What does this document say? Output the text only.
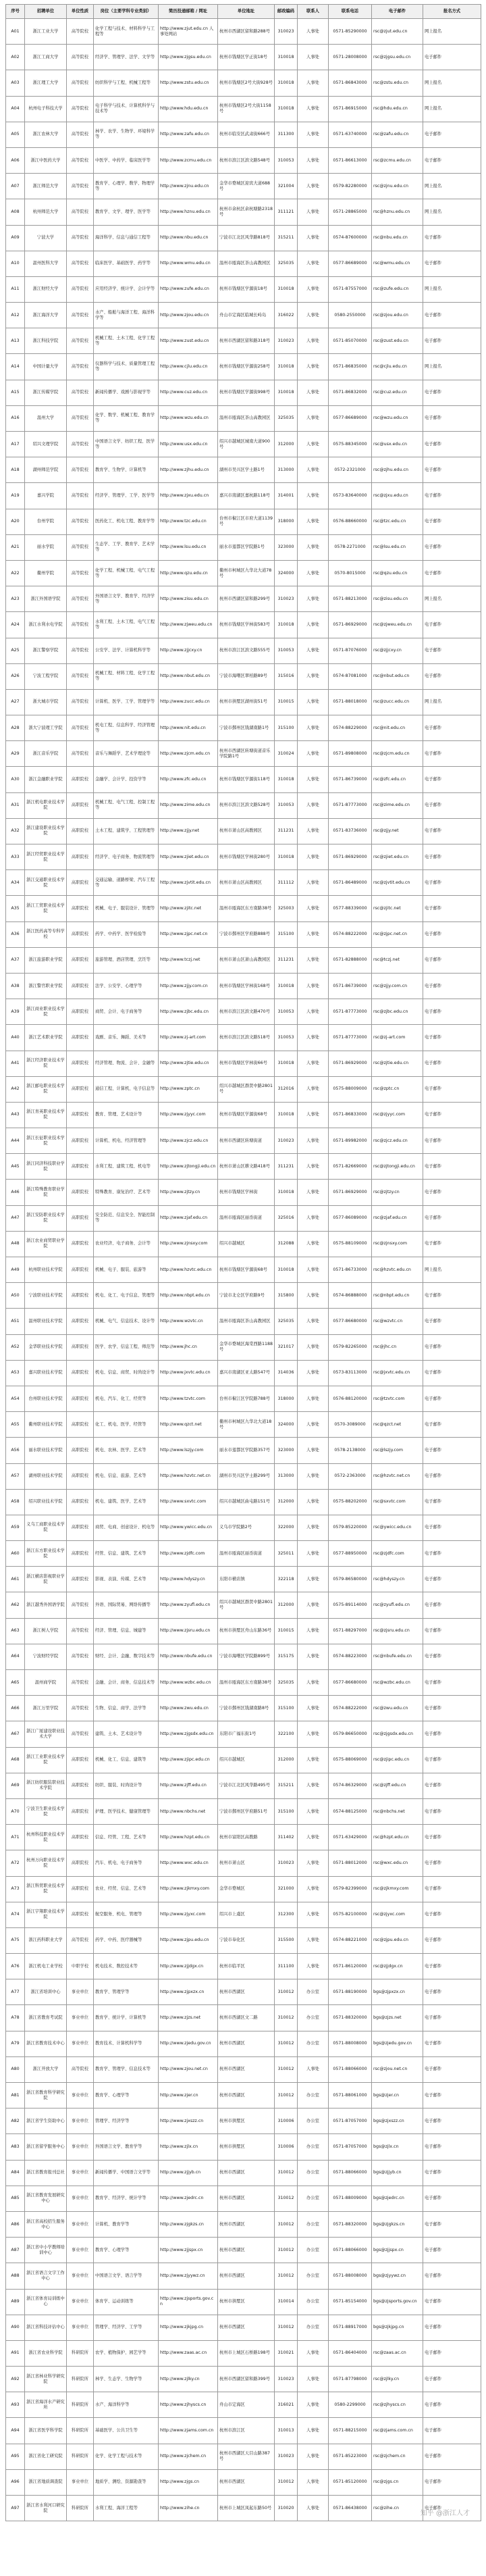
序号	招聘单位	单位性质	岗位（主要学科专业类别）	简历投递邮箱 / 网址	单位地址	邮政编码	联系人	联系电话	电子邮件	报名方式
A01	浙江工业大学	高等院校	化学工程与技术、材料科学与工程等	http://www.zjut.edu.cn 人事处网站	杭州市西湖区留和路288号	310023	人事处	0571-85290000	rsc@zjut.edu.cn	网上报名
A02	浙江工商大学	高等院校	经济学、管理学、法学、文学等	http://www.zjgsu.edu.cn	杭州市钱塘区学正街18号	310018	人事处	0571-28008000	rsc@zjgsu.edu.cn	电子邮件
A03	浙江理工大学	高等院校	纺织科学与工程、机械工程等	http://www.zstu.edu.cn	杭州市钱塘区2号大街928号	310018	人事处	0571-86843000	rsc@zstu.edu.cn	网上报名
A04	杭州电子科技大学	高等院校	电子科学与技术、计算机科学与技术等	http://www.hdu.edu.cn	杭州市钱塘区2号大街1158号	310018	人事处	0571-86915000	rsc@hdu.edu.cn	网上报名
A05	浙江农林大学	高等院校	林学、农学、生物学、环境科学等	http://www.zafu.edu.cn	杭州市临安区武肃街666号	311300	人事处	0571-63740000	rsc@zafu.edu.cn	电子邮件
A06	浙江中医药大学	高等院校	中医学、中药学、临床医学等	http://www.zcmu.edu.cn	杭州市滨江区滨文路548号	310053	人事处	0571-86613000	rsc@zcmu.edu.cn	电子邮件
A07	浙江师范大学	高等院校	教育学、心理学、数学、物理学等	http://www.zjnu.edu.cn	金华市婺城区迎宾大道688号	321004	人事处	0579-82280000	rsc@zjnu.edu.cn	网上报名
A08	杭州师范大学	高等院校	教育学、文学、理学、医学等	http://www.hznu.edu.cn	杭州市余杭区余杭塘路2318号	311121	人事处	0571-28865000	rsc@hznu.edu.cn	网上报名
A09	宁波大学	高等院校	海洋科学、信息与通信工程等	http://www.nbu.edu.cn	宁波市江北区风华路818号	315211	人事处	0574-87600000	rsc@nbu.edu.cn	电子邮件
A10	温州医科大学	高等院校	临床医学、基础医学、药学等	http://www.wmu.edu.cn	温州市瓯海区茶山高教园区	325035	人事处	0577-86689000	rsc@wmu.edu.cn	电子邮件
A11	浙江财经大学	高等院校	应用经济学、统计学、会计学等	http://www.zufe.edu.cn	杭州市钱塘区学源街18号	310018	人事处	0571-87557000	rsc@zufe.edu.cn	网上报名
A12	浙江海洋大学	高等院校	水产、船舶与海洋工程、海洋科学等	http://www.zjou.edu.cn	舟山市定海区临城长峙岛	316022	人事处	0580-2550000	rsc@zjou.edu.cn	电子邮件
A13	浙江科技学院	高等院校	机械工程、土木工程、化学工程等	http://www.zust.edu.cn	杭州市西湖区留和路318号	310023	人事处	0571-85070000	rsc@zust.edu.cn	电子邮件
A14	中国计量大学	高等院校	仪器科学与技术、质量管理工程等	http://www.cjlu.edu.cn	杭州市钱塘区学源街258号	310018	人事处	0571-86835000	rsc@cjlu.edu.cn	网上报名
A15	浙江传媒学院	高等院校	新闻传播学、戏剧与影视学等	http://www.cuz.edu.cn	杭州市钱塘区学源街998号	310018	人事处	0571-86832000	rsc@cuz.edu.cn	电子邮件
A16	温州大学	高等院校	化学、数学、机械工程、教育学等	http://www.wzu.edu.cn	温州市瓯海区茶山高教园区	325035	人事处	0577-86689000	rsc@wzu.edu.cn	电子邮件
A17	绍兴文理学院	高等院校	中国语言文学、纺织工程、医学等	http://www.usx.edu.cn	绍兴市越城区城南大道900号	312000	人事处	0575-88345000	rsc@usx.edu.cn	电子邮件
A18	湖州师范学院	高等院校	教育学、生物学、计算机等	http://www.zjhu.edu.cn	湖州市吴兴区学士路1号	313000	人事处	0572-2321000	rsc@zjhu.edu.cn	电子邮件
A19	嘉兴学院	高等院校	经济学、管理学、工学、医学等	http://www.zjxu.edu.cn	嘉兴市南湖区嘉杭路118号	314001	人事处	0573-83640000	rsc@zjxu.edu.cn	电子邮件
A20	台州学院	高等院校	医药化工、机电工程、教育学等	http://www.tzc.edu.cn	台州市椒江区市府大道1139号	318000	人事处	0576-88660000	rsc@tzc.edu.cn	电子邮件
A21	丽水学院	高等院校	生态学、工学、教育学、艺术学等	http://www.lsu.edu.cn	丽水市莲都区学院路1号	323000	人事处	0578-2271000	rsc@lsu.edu.cn	电子邮件
A22	衢州学院	高等院校	化学工程、机械工程、电气工程等	http://www.qzu.edu.cn	衢州市柯城区九华北大道78号	324000	人事处	0570-8015000	rsc@qzu.edu.cn	电子邮件
A23	浙江外国语学院	高等院校	外国语言文学、教育学、经济学等	http://www.zisu.edu.cn	杭州市西湖区留和路299号	310023	人事处	0571-88213000	rsc@zisu.edu.cn	网上报名
A24	浙江水利水电学院	高等院校	水利工程、土木工程、电气工程等	http://www.zjweu.edu.cn	杭州市钱塘区学林街583号	310018	人事处	0571-86929000	rsc@zjweu.edu.cn	电子邮件
A25	浙江警察学院	高等院校	公安学、法学、计算机科学等	http://www.zjjcxy.cn	杭州市滨江区滨文路555号	310053	人事处	0571-87076000	rsc@zjjcxy.cn	电子邮件
A26	宁波工程学院	高等院校	机械工程、材料工程、化学工程等	http://www.nbut.edu.cn	宁波市海曙区翠柏路89号	315016	人事处	0574-87081000	rsc@nbut.edu.cn	电子邮件
A27	浙大城市学院	高等院校	计算机、医学、工学、管理学等	http://www.zucc.edu.cn	杭州市拱墅区湖州街51号	310015	人事处	0571-88018000	rsc@zucc.edu.cn	网上报名
A28	浙大宁波理工学院	高等院校	机电工程、信息科学、经济管理等	http://www.nit.edu.cn	宁波市鄞州区钱湖南路1号	315100	人事处	0574-88229000	rsc@nit.edu.cn	电子邮件
A29	浙江音乐学院	高等院校	音乐与舞蹈学、艺术学理论等	http://www.zjcm.edu.cn	杭州市西湖区转塘街道音乐学院路1号	310024	人事处	0571-89808000	rsc@zjcm.edu.cn	电子邮件
A30	浙江金融职业学院	高职院校	金融学、会计学、投资学等	http://www.zfc.edu.cn	杭州市钱塘区学源街118号	310018	人事处	0571-86739000	rsc@zfc.edu.cn	电子邮件
A31	浙江机电职业技术学院	高职院校	机械工程、电气工程、控制工程等	http://www.zime.edu.cn	杭州市滨江区滨文路528号	310053	人事处	0571-87773000	rsc@zime.edu.cn	电子邮件
A32	浙江建设职业技术学院	高职院校	土木工程、建筑学、工程管理等	http://www.zjjy.net	杭州市萧山区高教园区	311231	人事处	0571-83736000	rsc@zjjy.net	电子邮件
A33	浙江经贸职业技术学院	高职院校	经济学、电子商务、物流管理等	http://www.zjiet.edu.cn	杭州市钱塘区学林街280号	310018	人事处	0571-86929000	rsc@zjiet.edu.cn	电子邮件
A34	浙江交通职业技术学院	高职院校	交通运输、道路桥梁、汽车工程等	http://www.zjvtit.edu.cn	杭州市萧山区高教园区	311112	人事处	0571-86489000	rsc@zjvtit.edu.cn	电子邮件
A35	浙江工贸职业技术学院	高职院校	机械、电子、服装设计、管理等	http://www.zjitc.net	温州市瓯海区东方南路38号	325003	人事处	0577-88339000	rsc@zjitc.net	电子邮件
A36	浙江医药高等专科学校	高职院校	药学、中药学、医学检验等	http://www.zjpc.net.cn	宁波市鄞州区学府路888号	315100	人事处	0574-88222000	rsc@zjpc.net.cn	电子邮件
A37	浙江旅游职业学院	高职院校	旅游管理、酒店管理、烹饪等	http://www.tczj.net	杭州市萧山区萧山高教园区	311231	人事处	0571-82888000	rsc@tczj.net	电子邮件
A38	浙江警官职业学院	高职院校	法学、公安学、心理学等	http://www.zjjy.com.cn	杭州市钱塘区学林街168号	310018	人事处	0571-86739000	rsc@zjjy.com.cn	电子邮件
A39	浙江商业职业技术学院	高职院校	商贸、会计、电子商务等	http://www.zjbc.edu.cn	杭州市滨江区滨文路470号	310053	人事处	0571-87773000	rsc@zjbc.edu.cn	电子邮件
A40	浙江艺术职业学院	高职院校	戏剧、音乐、舞蹈、美术等	http://www.zj-art.com	杭州市滨江区滨文路518号	310053	人事处	0571-87773000	rsc@zj-art.com	电子邮件
A41	浙江经济职业技术学院	高职院校	经济管理、物流、会计、金融等	http://www.zjtie.edu.cn	杭州市钱塘区学林街66号	310018	人事处	0571-86929000	rsc@zjtie.edu.cn	电子邮件
A42	浙江邮电职业技术学院	高职院校	通信工程、计算机、电子信息等	http://www.zptc.cn	绍兴市越城区群贤中路2801号	312016	人事处	0575-88009000	rsc@zptc.cn	电子邮件
A43	浙江育英职业技术学院	高职院校	教育、管理、艺术设计等	http://www.zjyyc.com	杭州市钱塘区学源街68号	310018	人事处	0571-86833000	rsc@zjyyc.com	电子邮件
A44	浙江长征职业技术学院	高职院校	计算机、机电、经济管理等	http://www.zjcz.edu.cn	杭州市西湖区转塘街道	310023	人事处	0571-89982000	rsc@zjcz.edu.cn	电子邮件
A45	浙江同济科技职业学院	高职院校	水利工程、建筑工程、机电等	http://www.zjtongji.edu.cn	杭州市萧山区耕文路418号	311231	人事处	0571-82669000	rsc@zjtongji.edu.cn	电子邮件
A46	浙江特殊教育职业学院	高职院校	特殊教育、康复治疗、艺术等	http://www.zjtzy.cn	杭州市钱塘区学林街	310018	人事处	0571-86929000	rsc@zjtzy.cn	电子邮件
A47	浙江安防职业技术学院	高职院校	安全防范、信息安全、智能控制等	http://www.zjaf.edu.cn	温州市瓯海区丽岙街道	325016	人事处	0577-86089000	rsc@zjaf.edu.cn	电子邮件
A48	浙江农业商贸职业学院	高职院校	农业经济、电子商务、会计等	http://www.zjnsxy.com	绍兴市越城区	312088	人事处	0575-88109000	rsc@zjnsxy.com	电子邮件
A49	杭州职业技术学院	高职院校	机械、电子、服装、旅游等	http://www.hzvtc.edu.cn	杭州市钱塘区学源街68号	310018	人事处	0571-86733000	rsc@hzvtc.edu.cn	网上报名
A50	宁波职业技术学院	高职院校	机电、化工、电子信息、管理等	http://www.nbpt.edu.cn	宁波市北仑区学府路9号	315800	人事处	0574-86888000	rsc@nbpt.edu.cn	电子邮件
A51	温州职业技术学院	高职院校	机械、电气、信息技术、设计等	http://www.wzvtc.cn	温州市瓯海区茶山高教园区	325035	人事处	0577-86680000	rsc@wzvtc.cn	电子邮件
A52	金华职业技术学院	高职院校	医学、农学、信息工程、师范等	http://www.jhc.cn	金华市婺城区海棠西路1188号	321017	人事处	0579-82265000	rsc@jhc.cn	电子邮件
A53	嘉兴职业技术学院	高职院校	机电、信息、商贸、时尚设计等	http://www.jxvtc.edu.cn	嘉兴市南湖区亚太路547号	314036	人事处	0573-83113000	rsc@jxvtc.edu.cn	电子邮件
A54	台州职业技术学院	高职院校	机电、汽车、化工、经贸等	http://www.tzvtc.com	台州市椒江区学院路788号	318000	人事处	0576-88120000	rsc@tzvtc.com	电子邮件
A55	衢州职业技术学院	高职院校	化工、机电、医学、经管等	http://www.qzct.net	衢州市柯城区九华北大道18号	324000	人事处	0570-3089000	rsc@qzct.net	电子邮件
A56	丽水职业技术学院	高职院校	机电、农林、医学、艺术等	http://www.lszjy.com	丽水市莲都区学院路357号	323000	人事处	0578-2138000	rsc@lszjy.com	电子邮件
A57	湖州职业技术学院	高职院校	机电、信息、旅游、艺术等	http://www.hzvtc.net.cn	湖州市吴兴区学士路299号	313000	人事处	0572-2363000	rsc@hzvtc.net.cn	电子邮件
A58	绍兴职业技术学院	高职院校	机电、建筑、医学、艺术等	http://www.sxvtc.com	绍兴市越城区曲屯路151号	312000	人事处	0575-88202000	rsc@sxvtc.com	电子邮件
A59	义乌工商职业技术学院	高职院校	商贸、电商、创意设计、机电等	http://www.ywicc.edu.cn	义乌市学院路2号	322000	人事处	0579-85220000	rsc@ywicc.edu.cn	电子邮件
A60	浙江东方职业技术学院	高职院校	经管、信息、建筑、艺术等	http://www.zjdfc.com	温州市瓯海区丽岙街道	325011	人事处	0577-88950000	rsc@zjdfc.com	电子邮件
A61	浙江横店影视职业学院	高职院校	影视、表演、传媒、艺术等	http://www.hdyszy.cn	东阳市横店镇	322118	人事处	0579-86580000	rsc@hdyszy.cn	电子邮件
A62	浙江越秀外国语学院	高等院校	外语、国际贸易、网络传播等	http://www.zyufl.edu.cn	绍兴市越城区群贤中路2801号	312000	人事处	0575-89114000	rsc@zyufl.edu.cn	电子邮件
A63	浙江树人学院	高等院校	经济、管理、信息、城建等	http://www.zjsru.edu.cn	杭州市拱墅区舟山东路36号	310015	人事处	0571-88297000	rsc@zjsru.edu.cn	电子邮件
A64	宁波财经学院	高等院校	财经、会计、金融、数字技术等	http://www.nbufe.edu.cn	宁波市海曙区学院路899号	315175	人事处	0574-88223000	rsc@nbufe.edu.cn	电子邮件
A65	温州商学院	高等院校	金融、会计、商务、信息技术等	http://www.wzbc.edu.cn	温州市瓯海区东方南路38号	325035	人事处	0577-86680000	rsc@wzbc.edu.cn	电子邮件
A66	浙江万里学院	高等院校	生物、信息、商学、法学等	http://www.zwu.edu.cn	宁波市鄞州区钱湖南路8号	315100	人事处	0574-88222000	rsc@zwu.edu.cn	电子邮件
A67	浙江广厦建设职业技术大学	高等院校	建筑、土木、艺术设计等	http://www.zjgsdx.edu.cn	东阳市广福东街1号	322100	人事处	0579-86650000	rsc@zjgsdx.edu.cn	电子邮件
A68	浙江工业职业技术学院	高职院校	机械、化工、信息、建筑等	http://www.zjipc.edu.cn	绍兴市越城区	312000	人事处	0575-88069000	rsc@zjipc.edu.cn	电子邮件
A69	浙江纺织服装职业技术学院	高职院校	纺织、服装、时尚设计等	http://www.zjff.edu.cn	宁波市江北区风华路495号	315211	人事处	0574-86329000	rsc@zjff.edu.cn	电子邮件
A70	宁波卫生职业技术学院	高职院校	护理、医学技术、健康管理等	http://www.nbchs.net	宁波市鄞州区学府路51号	315100	人事处	0574-88125000	rsc@nbchs.net	电子邮件
A71	杭州科技职业技术学院	高职院校	信息、经管、工程、艺术等	http://www.hzpt.edu.cn	杭州市富阳区高教路	311402	人事处	0571-63429000	rsc@hzpt.edu.cn	电子邮件
A72	杭州万向职业技术学院	高职院校	汽车、机电、电子商务等	http://www.wxc.edu.cn	杭州市萧山区	310023	人事处	0571-88012000	rsc@wxc.edu.cn	电子邮件
A73	浙江科贸职业技术学院	高职院校	农业、经贸、信息、艺术等	http://www.zjkmxy.com	金华市婺城区	321000	人事处	0579-82399000	rsc@zjkmxy.com	电子邮件
A74	浙江宇翔职业技术学院	高职院校	航空服务、机电、管理等	http://www.zjyxc.com	绍兴市上虞区	312300	人事处	0575-82100000	rsc@zjyxc.com	电子邮件
A75	浙江药科职业大学	高等院校	药学、中药、医疗器械等	http://www.zjpu.edu.cn	宁波市奉化区	315500	人事处	0574-88221000	rsc@zjpu.edu.cn	电子邮件
A76	浙江机电工业学校	中职学校	机电技术、数控技术等	http://www.zjjdgx.cn	杭州市临平区	311100	人事处	0571-86120000	rsc@zjjdgx.cn	电子邮件
A77	浙江省培训中心	事业单位	教育学、管理学等	http://www.zjpxzx.cn	杭州市西湖区	310012	办公室	0571-88190000	bgs@zjpxzx.cn	电子邮件
A78	浙江省教育考试院	事业单位	教育学、统计学、计算机等	http://www.zjzs.net	杭州市西湖区文二路	310012	办公室	0571-88320000	bgs@zjzs.net	电子邮件
A79	浙江省教育技术中心	事业单位	教育技术、计算机科学等	http://www.zjedu.gov.cn	杭州市西湖区	310012	办公室	0571-88008000	bgs@zjedu.gov.cn	电子邮件
A80	浙江开放大学	高等院校	教育学、管理学、信息技术等	http://www.zjou.net.cn	杭州市西湖区	310012	人事处	0571-88066000	rsc@zjou.net.cn	电子邮件
A81	浙江省教育科学研究院	事业单位	教育学、心理学等	http://www.zjer.cn	杭州市西湖区	310012	办公室	0571-88061000	bgs@zjer.cn	电子邮件
A82	浙江省学生资助中心	事业单位	管理学、经济学等	http://www.zjxszz.cn	杭州市拱墅区	310006	办公室	0571-87057000	bgs@zjxszz.cn	电子邮件
A83	浙江省留学服务中心	事业单位	外国语言文学、教育学等	http://www.zjlx.cn	杭州市拱墅区	310006	办公室	0571-87057000	bgs@zjlx.cn	电子邮件
A84	浙江省教育报刊总社	事业单位	新闻传播学、中国语言文学等	http://www.zjjyb.cn	杭州市西湖区	310012	办公室	0571-88066000	bgs@zjjyb.cn	电子邮件
A85	浙江省教育发展研究中心	事业单位	教育学、经济学、统计学等	http://www.zjedrc.cn	杭州市西湖区	310012	办公室	0571-88009000	bgs@zjedrc.cn	电子邮件
A86	浙江省高校招生服务中心	事业单位	计算机、教育学等	http://www.zjgkzs.cn	杭州市西湖区	310012	办公室	0571-88320000	bgs@zjgkzs.cn	电子邮件
A87	浙江省中小学教师培训中心	事业单位	教育学、心理学等	http://www.zjjspx.cn	杭州市西湖区	310012	办公室	0571-88066000	bgs@zjjspx.cn	电子邮件
A88	浙江省语言文字工作中心	事业单位	中国语言文学、语言学等	http://www.zjyywz.cn	杭州市西湖区	310012	办公室	0571-88008000	bgs@zjyywz.cn	电子邮件
A89	浙江省体育局训练中心	事业单位	体育学、运动训练等	http://www.zjsports.gov.cn	杭州市拱墅区	310014	办公室	0571-85154000	bgs@zjsports.gov.cn	电子邮件
A90	浙江省科技评估中心	事业单位	管理学、经济学、工学等	http://www.zjkjpg.cn	杭州市西湖区	310012	办公室	0571-88917000	bgs@zjkjpg.cn	电子邮件
A91	浙江省农业科学院	科研院所	农学、植物保护、园艺学等	http://www.zaas.ac.cn	杭州市上城区石桥路198号	310021	人事处	0571-86404000	rsc@zaas.ac.cn	电子邮件
A92	浙江省林业科学研究院	科研院所	林学、生态学、生物学等	http://www.zjlky.cn	杭州市西湖区留和路399号	310023	人事处	0571-87798000	rsc@zjlky.cn	电子邮件
A93	浙江省海洋水产研究所	科研院所	水产、海洋科学等	http://www.zjhyscs.cn	舟山市定海区	316021	人事处	0580-2299000	rsc@zjhyscs.cn	电子邮件
A94	浙江省医学科学院	科研院所	基础医学、公共卫生等	http://www.zjams.com.cn	杭州市滨江区	310013	人事处	0571-88215000	rsc@zjams.com.cn	电子邮件
A95	浙江省化工研究院	科研院所	化学、化学工程与技术等	http://www.zjchem.cn	杭州市西湖区天目山路387号	310023	人事处	0571-85223000	rsc@zjchem.cn	电子邮件
A96	浙江省地质调查院	事业单位	地质学、测绘、资源勘查等	http://www.zjgs.cn	杭州市西湖区	310012	人事处	0571-85120000	rsc@zjgs.cn	电子邮件
A97	浙江省水利河口研究院	科研院所	水利工程、海洋工程等	http://www.zihe.cn	杭州市上城区凤起东路50号	310020	人事处	0571-86438000	rsc@zihe.cn	电子邮件
知乎 @浙江人才
